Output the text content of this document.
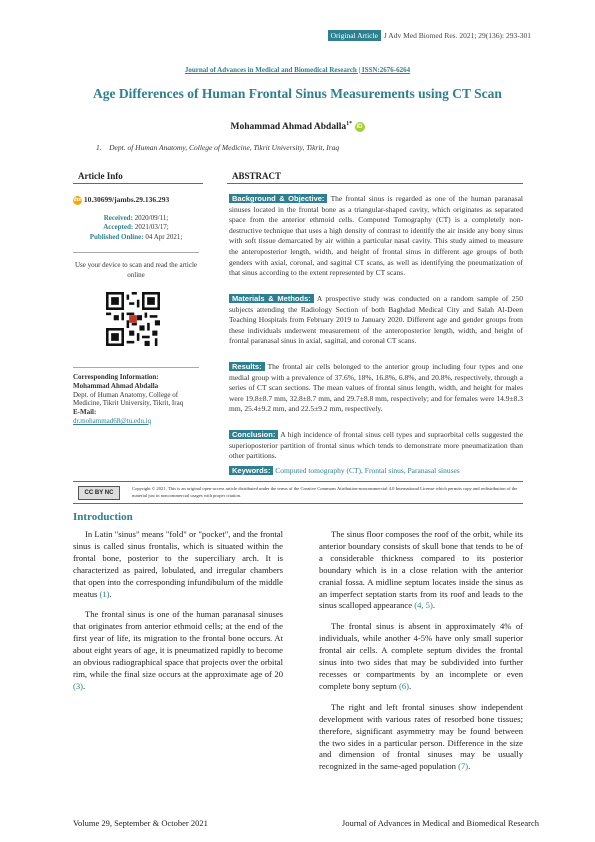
Original Article J Adv Med Biomed Res. 2021; 29(136): 293-301
Journal of Advances in Medical and Biomedical Research | ISSN:2676-6264
Age Differences of Human Frontal Sinus Measurements using CT Scan
Mohammad Ahmad Abdalla$^{1*}$ iD
1. Dept. of Human Anatomy, College of Medicine, Tikrit University, Tikrit, Iraq
Article Info	ABSTRACT
doi 10.30699/jambs.29.136.293
Received: 2020/09/11;
Accepted: 2021/03/17;
Published Online: 04 Apr 2021;
Use your device to scan and read the article online
Corresponding Information:
Mohammad Ahmad Abdalla
Dept. of Human Anatomy, College of Medicine, Tikrit University, Tikrit, Iraq
E-Mail:
dr.mohammad68@tu.edu.iq
Background & Objective: The frontal sinus is regarded as one of the human paranasal sinuses located in the frontal bone as a triangular-shaped cavity, which originates as separated space from the anterior ethmoid cells. Computed Tomography (CT) is a completely non-destructive technique that uses a high density of contrast to identify the air inside any bony sinus with soft tissue demarcated by air within a particular nasal cavity. This study aimed to measure the anteroposterior length, width, and height of frontal sinus in different age groups of both genders with axial, coronal, and sagittal CT scans, as well as identifying the pneumatization of that sinus according to the extent represented by CT scans.
Materials & Methods: A prospective study was conducted on a random sample of 250 subjects attending the Radiology Section of both Baghdad Medical City and Salah Al-Deen Teaching Hospitals from February 2019 to January 2020. Different age and gender groups from these individuals underwent measurement of the anteroposterior length, width, and height of frontal paranasal sinus in axial, sagittal, and coronal CT scans.
Results: The frontal air cells belonged to the anterior group including four types and one medial group with a prevalence of 37.6%, 18%, 16.8%, 6.8%, and 20.8%, respectively, through a series of CT scan sections. The mean values of frontal sinus length, width, and height for males were 19.8±8.7 mm, 32.8±8.7 mm, and 29.7±8.8 mm, respectively; and for females were 14.9±8.3 mm, 25.4±9.2 mm, and 22.5±9.2 mm, respectively.
Conclusion: A high incidence of frontal sinus cell types and supraorbital cells suggested the superioposterior partition of frontal sinus which tends to demonstrate more pneumatization than other partitions.
Keywords: Computed tomography (CT), Frontal sinus, Paranasal sinuses
CC BY NC
Copyright © 2021, This is an original open-access article distributed under the terms of the Creative Commons Attribution-noncommercial 4.0 International License which permits copy and redistribution of the material just in noncommercial usages with proper citation.
Introduction

In Latin "sinus" means "fold" or "pocket", and the frontal sinus is called sinus frontalis, which is situated within the frontal bone, posterior to the superciliary arch. It is characterized as paired, lobulated, and irregular chambers that open into the corresponding infundibulum of the middle meatus (1).

The frontal sinus is one of the human paranasal sinuses that originates from anterior ethmoid cells; at the end of the first year of life, its migration to the frontal bone occurs. At about eight years of age, it is pneumatized rapidly to become an obvious radiographical space that projects over the orbital rim, while the final size occurs at the approximate age of 20 (3).

The sinus floor composes the roof of the orbit, while its anterior boundary consists of skull bone that tends to be of a considerable thickness compared to its posterior boundary which is in a close relation with the anterior cranial fossa. A midline septum locates inside the sinus as an imperfect septation starts from its roof and leads to the sinus scalloped appearance (4, 5).

The frontal sinus is absent in approximately 4% of individuals, while another 4-5% have only small superior frontal air cells. A complete septum divides the frontal sinus into two sides that may be subdivided into further recesses or compartments by an incomplete or even complete bony septum (6).

The right and left frontal sinuses show independent development with various rates of resorbed bone tissues; therefore, significant asymmetry may be found between the two sides in a particular person. Difference in the size and dimension of frontal sinuses may be usually recognized in the same-aged population (7).

Volume 29, September & October 2021	Journal of Advances in Medical and Biomedical Research
